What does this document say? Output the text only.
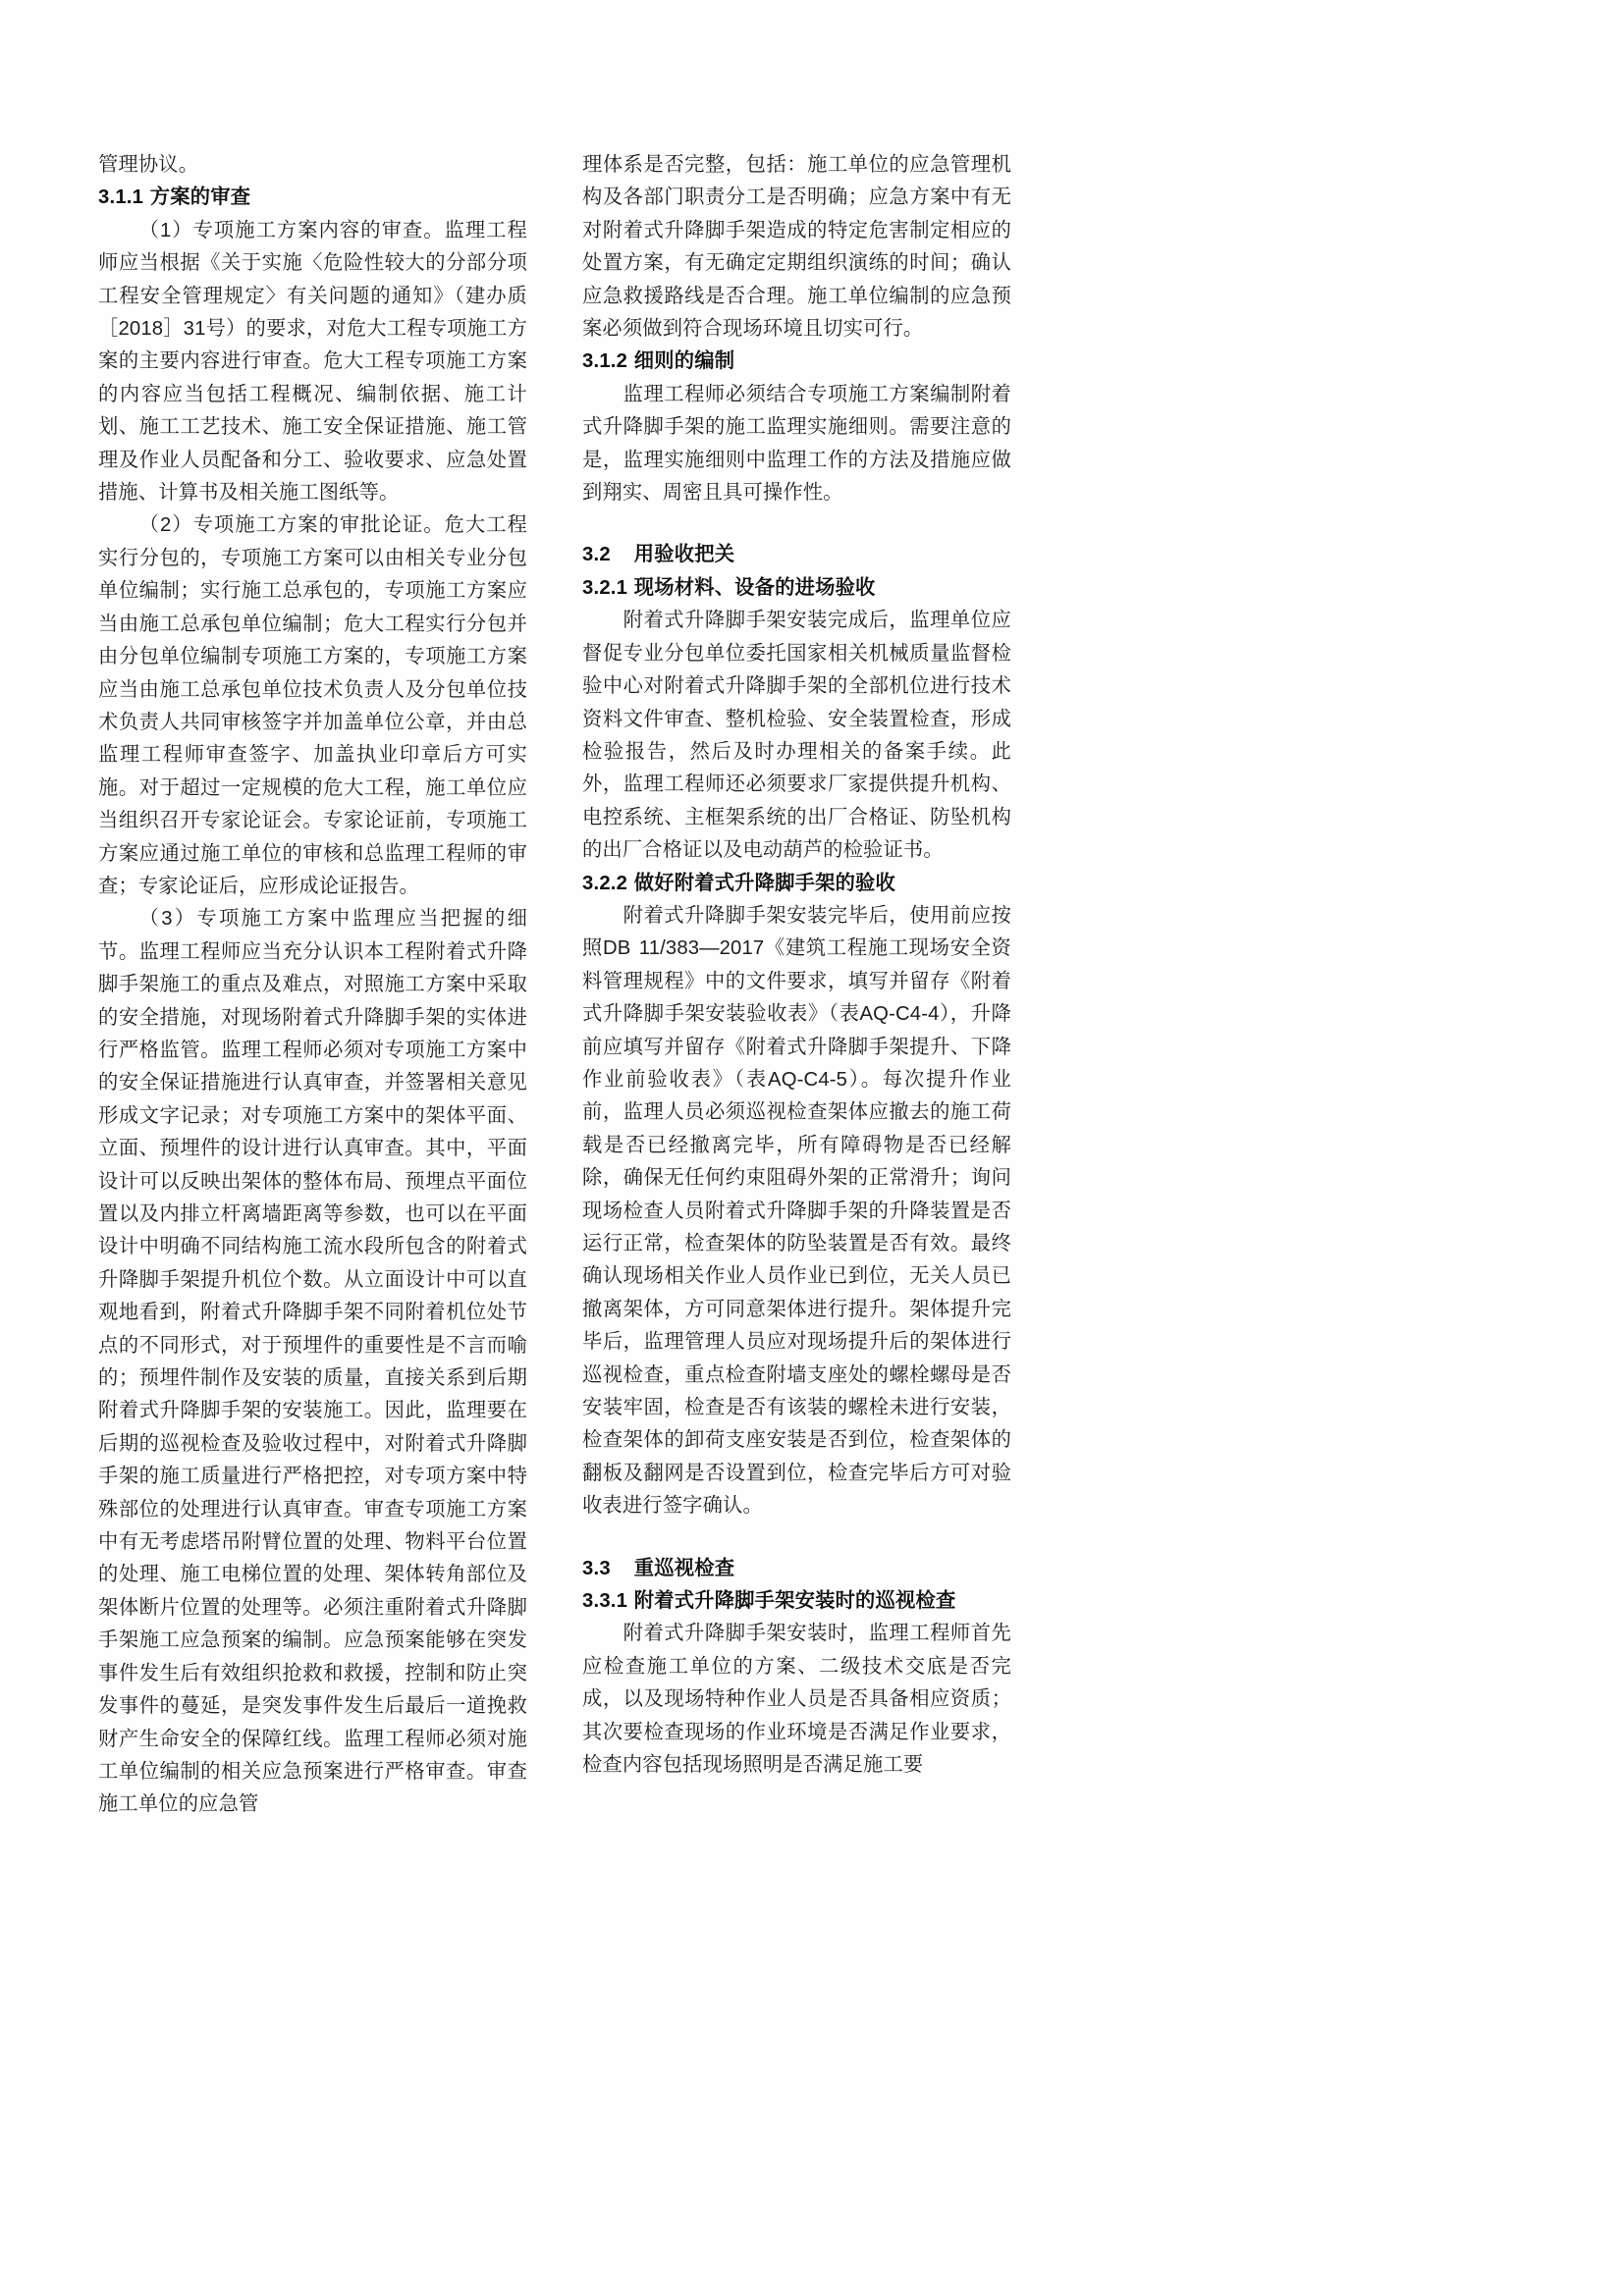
管理协议。

3.1.1 方案的审查

（1）专项施工方案内容的审查。监理工程师应当根据《关于实施〈危险性较大的分部分项工程安全管理规定〉有关问题的通知》（建办质［2018］31号）的要求，对危大工程专项施工方案的主要内容进行审查。危大工程专项施工方案的内容应当包括工程概况、编制依据、施工计划、施工工艺技术、施工安全保证措施、施工管理及作业人员配备和分工、验收要求、应急处置措施、计算书及相关施工图纸等。

（2）专项施工方案的审批论证。危大工程实行分包的，专项施工方案可以由相关专业分包单位编制；实行施工总承包的，专项施工方案应当由施工总承包单位编制；危大工程实行分包并由分包单位编制专项施工方案的，专项施工方案应当由施工总承包单位技术负责人及分包单位技术负责人共同审核签字并加盖单位公章，并由总监理工程师审查签字、加盖执业印章后方可实施。对于超过一定规模的危大工程，施工单位应当组织召开专家论证会。专家论证前，专项施工方案应通过施工单位的审核和总监理工程师的审查；专家论证后，应形成论证报告。

（3）专项施工方案中监理应当把握的细节。监理工程师应当充分认识本工程附着式升降脚手架施工的重点及难点，对照施工方案中采取的安全措施，对现场附着式升降脚手架的实体进行严格监管。监理工程师必须对专项施工方案中的安全保证措施进行认真审查，并签署相关意见形成文字记录；对专项施工方案中的架体平面、立面、预埋件的设计进行认真审查。其中，平面设计可以反映出架体的整体布局、预埋点平面位置以及内排立杆离墙距离等参数，也可以在平面设计中明确不同结构施工流水段所包含的附着式升降脚手架提升机位个数。从立面设计中可以直观地看到，附着式升降脚手架不同附着机位处节点的不同形式，对于预埋件的重要性是不言而喻的；预埋件制作及安装的质量，直接关系到后期附着式升降脚手架的安装施工。因此，监理要在后期的巡视检查及验收过程中，对附着式升降脚手架的施工质量进行严格把控，对专项方案中特殊部位的处理进行认真审查。审查专项施工方案中有无考虑塔吊附臂位置的处理、物料平台位置的处理、施工电梯位置的处理、架体转角部位及架体断片位置的处理等。必须注重附着式升降脚手架施工应急预案的编制。应急预案能够在突发事件发生后有效组织抢救和救援，控制和防止突发事件的蔓延，是突发事件发生后最后一道挽救财产生命安全的保障红线。监理工程师必须对施工单位编制的相关应急预案进行严格审查。审查施工单位的应急管

理体系是否完整，包括：施工单位的应急管理机构及各部门职责分工是否明确；应急方案中有无对附着式升降脚手架造成的特定危害制定相应的处置方案，有无确定定期组织演练的时间；确认应急救援路线是否合理。施工单位编制的应急预案必须做到符合现场环境且切实可行。

3.1.2 细则的编制

监理工程师必须结合专项施工方案编制附着式升降脚手架的施工监理实施细则。需要注意的是，监理实施细则中监理工作的方法及措施应做到翔实、周密且具可操作性。

3.2 用验收把关
3.2.1 现场材料、设备的进场验收

附着式升降脚手架安装完成后，监理单位应督促专业分包单位委托国家相关机械质量监督检验中心对附着式升降脚手架的全部机位进行技术资料文件审查、整机检验、安全装置检查，形成检验报告，然后及时办理相关的备案手续。此外，监理工程师还必须要求厂家提供提升机构、电控系统、主框架系统的出厂合格证、防坠机构的出厂合格证以及电动葫芦的检验证书。

3.2.2 做好附着式升降脚手架的验收

附着式升降脚手架安装完毕后，使用前应按照DB 11/383—2017《建筑工程施工现场安全资料管理规程》中的文件要求，填写并留存《附着式升降脚手架安装验收表》（表AQ-C4-4），升降前应填写并留存《附着式升降脚手架提升、下降作业前验收表》（表AQ-C4-5）。每次提升作业前，监理人员必须巡视检查架体应撤去的施工荷载是否已经撤离完毕，所有障碍物是否已经解除，确保无任何约束阻碍外架的正常滑升；询问现场检查人员附着式升降脚手架的升降装置是否运行正常，检查架体的防坠装置是否有效。最终确认现场相关作业人员作业已到位，无关人员已撤离架体，方可同意架体进行提升。架体提升完毕后，监理管理人员应对现场提升后的架体进行巡视检查，重点检查附墙支座处的螺栓螺母是否安装牢固，检查是否有该装的螺栓未进行安装，检查架体的卸荷支座安装是否到位，检查架体的翻板及翻网是否设置到位，检查完毕后方可对验收表进行签字确认。

3.3 重巡视检查
3.3.1 附着式升降脚手架安装时的巡视检查

附着式升降脚手架安装时，监理工程师首先应检查施工单位的方案、二级技术交底是否完成，以及现场特种作业人员是否具备相应资质；其次要检查现场的作业环境是否满足作业要求，检查内容包括现场照明是否满足施工要
